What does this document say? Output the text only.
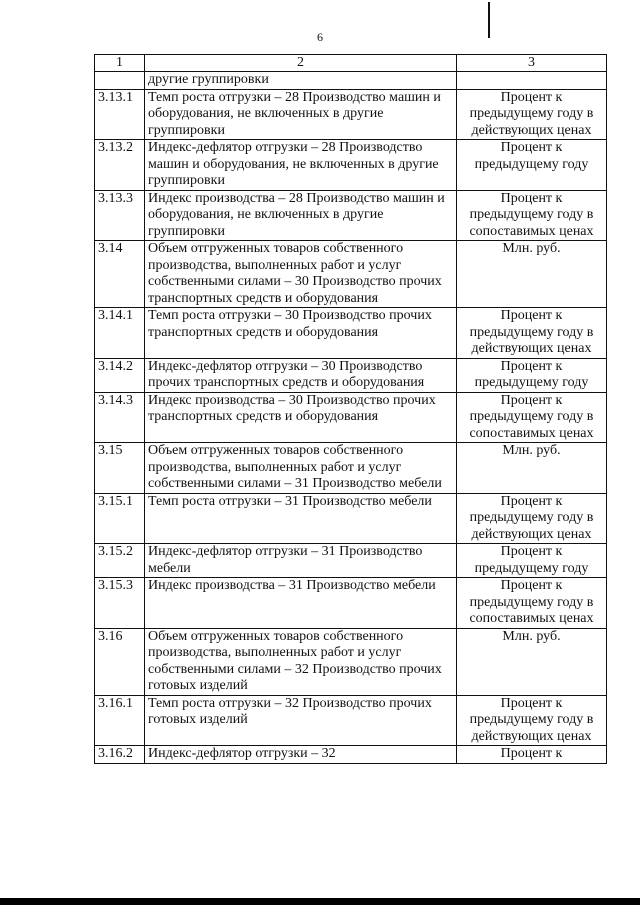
6
1	2	3
	другие группировки	
3.13.1	Темп роста отгрузки – 28 Производство машин и оборудования, не включенных в другие группировки	Процент к предыдущему году в действующих ценах
3.13.2	Индекс-дефлятор отгрузки – 28 Производство машин и оборудования, не включенных в другие группировки	Процент к предыдущему году
3.13.3	Индекс производства – 28 Производство машин и оборудования, не включенных в другие группировки	Процент к предыдущему году в сопоставимых ценах
3.14	Объем отгруженных товаров собственного производства, выполненных работ и услуг собственными силами – 30 Производство прочих транспортных средств и оборудования	Млн. руб.
3.14.1	Темп роста отгрузки – 30 Производство прочих транспортных средств и оборудования	Процент к предыдущему году в действующих ценах
3.14.2	Индекс-дефлятор отгрузки – 30 Производство прочих транспортных средств и оборудования	Процент к предыдущему году
3.14.3	Индекс производства – 30 Производство прочих транспортных средств и оборудования	Процент к предыдущему году в сопоставимых ценах
3.15	Объем отгруженных товаров собственного производства, выполненных работ и услуг собственными силами – 31 Производство мебели	Млн. руб.
3.15.1	Темп роста отгрузки – 31 Производство мебели	Процент к предыдущему году в действующих ценах
3.15.2	Индекс-дефлятор отгрузки – 31 Производство мебели	Процент к предыдущему году
3.15.3	Индекс производства – 31 Производство мебели	Процент к предыдущему году в сопоставимых ценах
3.16	Объем отгруженных товаров собственного производства, выполненных работ и услуг собственными силами – 32 Производство прочих готовых изделий	Млн. руб.
3.16.1	Темп роста отгрузки – 32 Производство прочих готовых изделий	Процент к предыдущему году в действующих ценах
3.16.2	Индекс-дефлятор отгрузки – 32	Процент к
